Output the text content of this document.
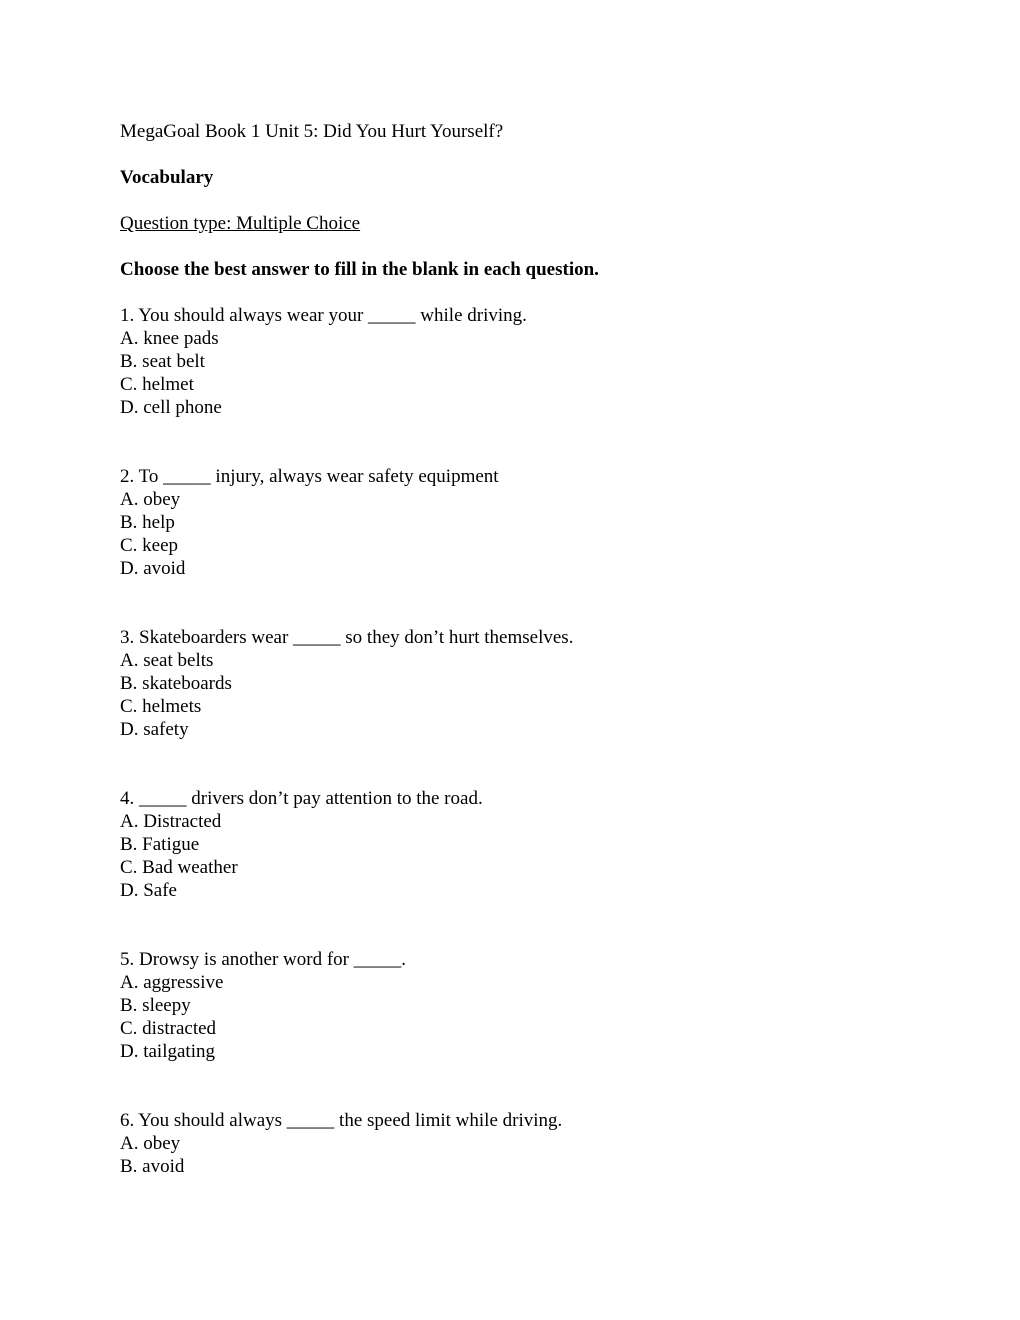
MegaGoal Book 1 Unit 5: Did You Hurt Yourself?
Vocabulary
Question type: Multiple Choice
Choose the best answer to fill in the blank in each question.
1. You should always wear your _____ while driving.
A. knee pads
B. seat belt
C. helmet
D. cell phone
2. To _____ injury, always wear safety equipment
A. obey
B. help
C. keep
D. avoid
3. Skateboarders wear _____ so they don’t hurt themselves.
A. seat belts
B. skateboards
C. helmets
D. safety
4. _____ drivers don’t pay attention to the road.
A. Distracted
B. Fatigue
C. Bad weather
D. Safe
5. Drowsy is another word for _____.
A. aggressive
B. sleepy
C. distracted
D. tailgating
6. You should always _____ the speed limit while driving.
A. obey
B. avoid
